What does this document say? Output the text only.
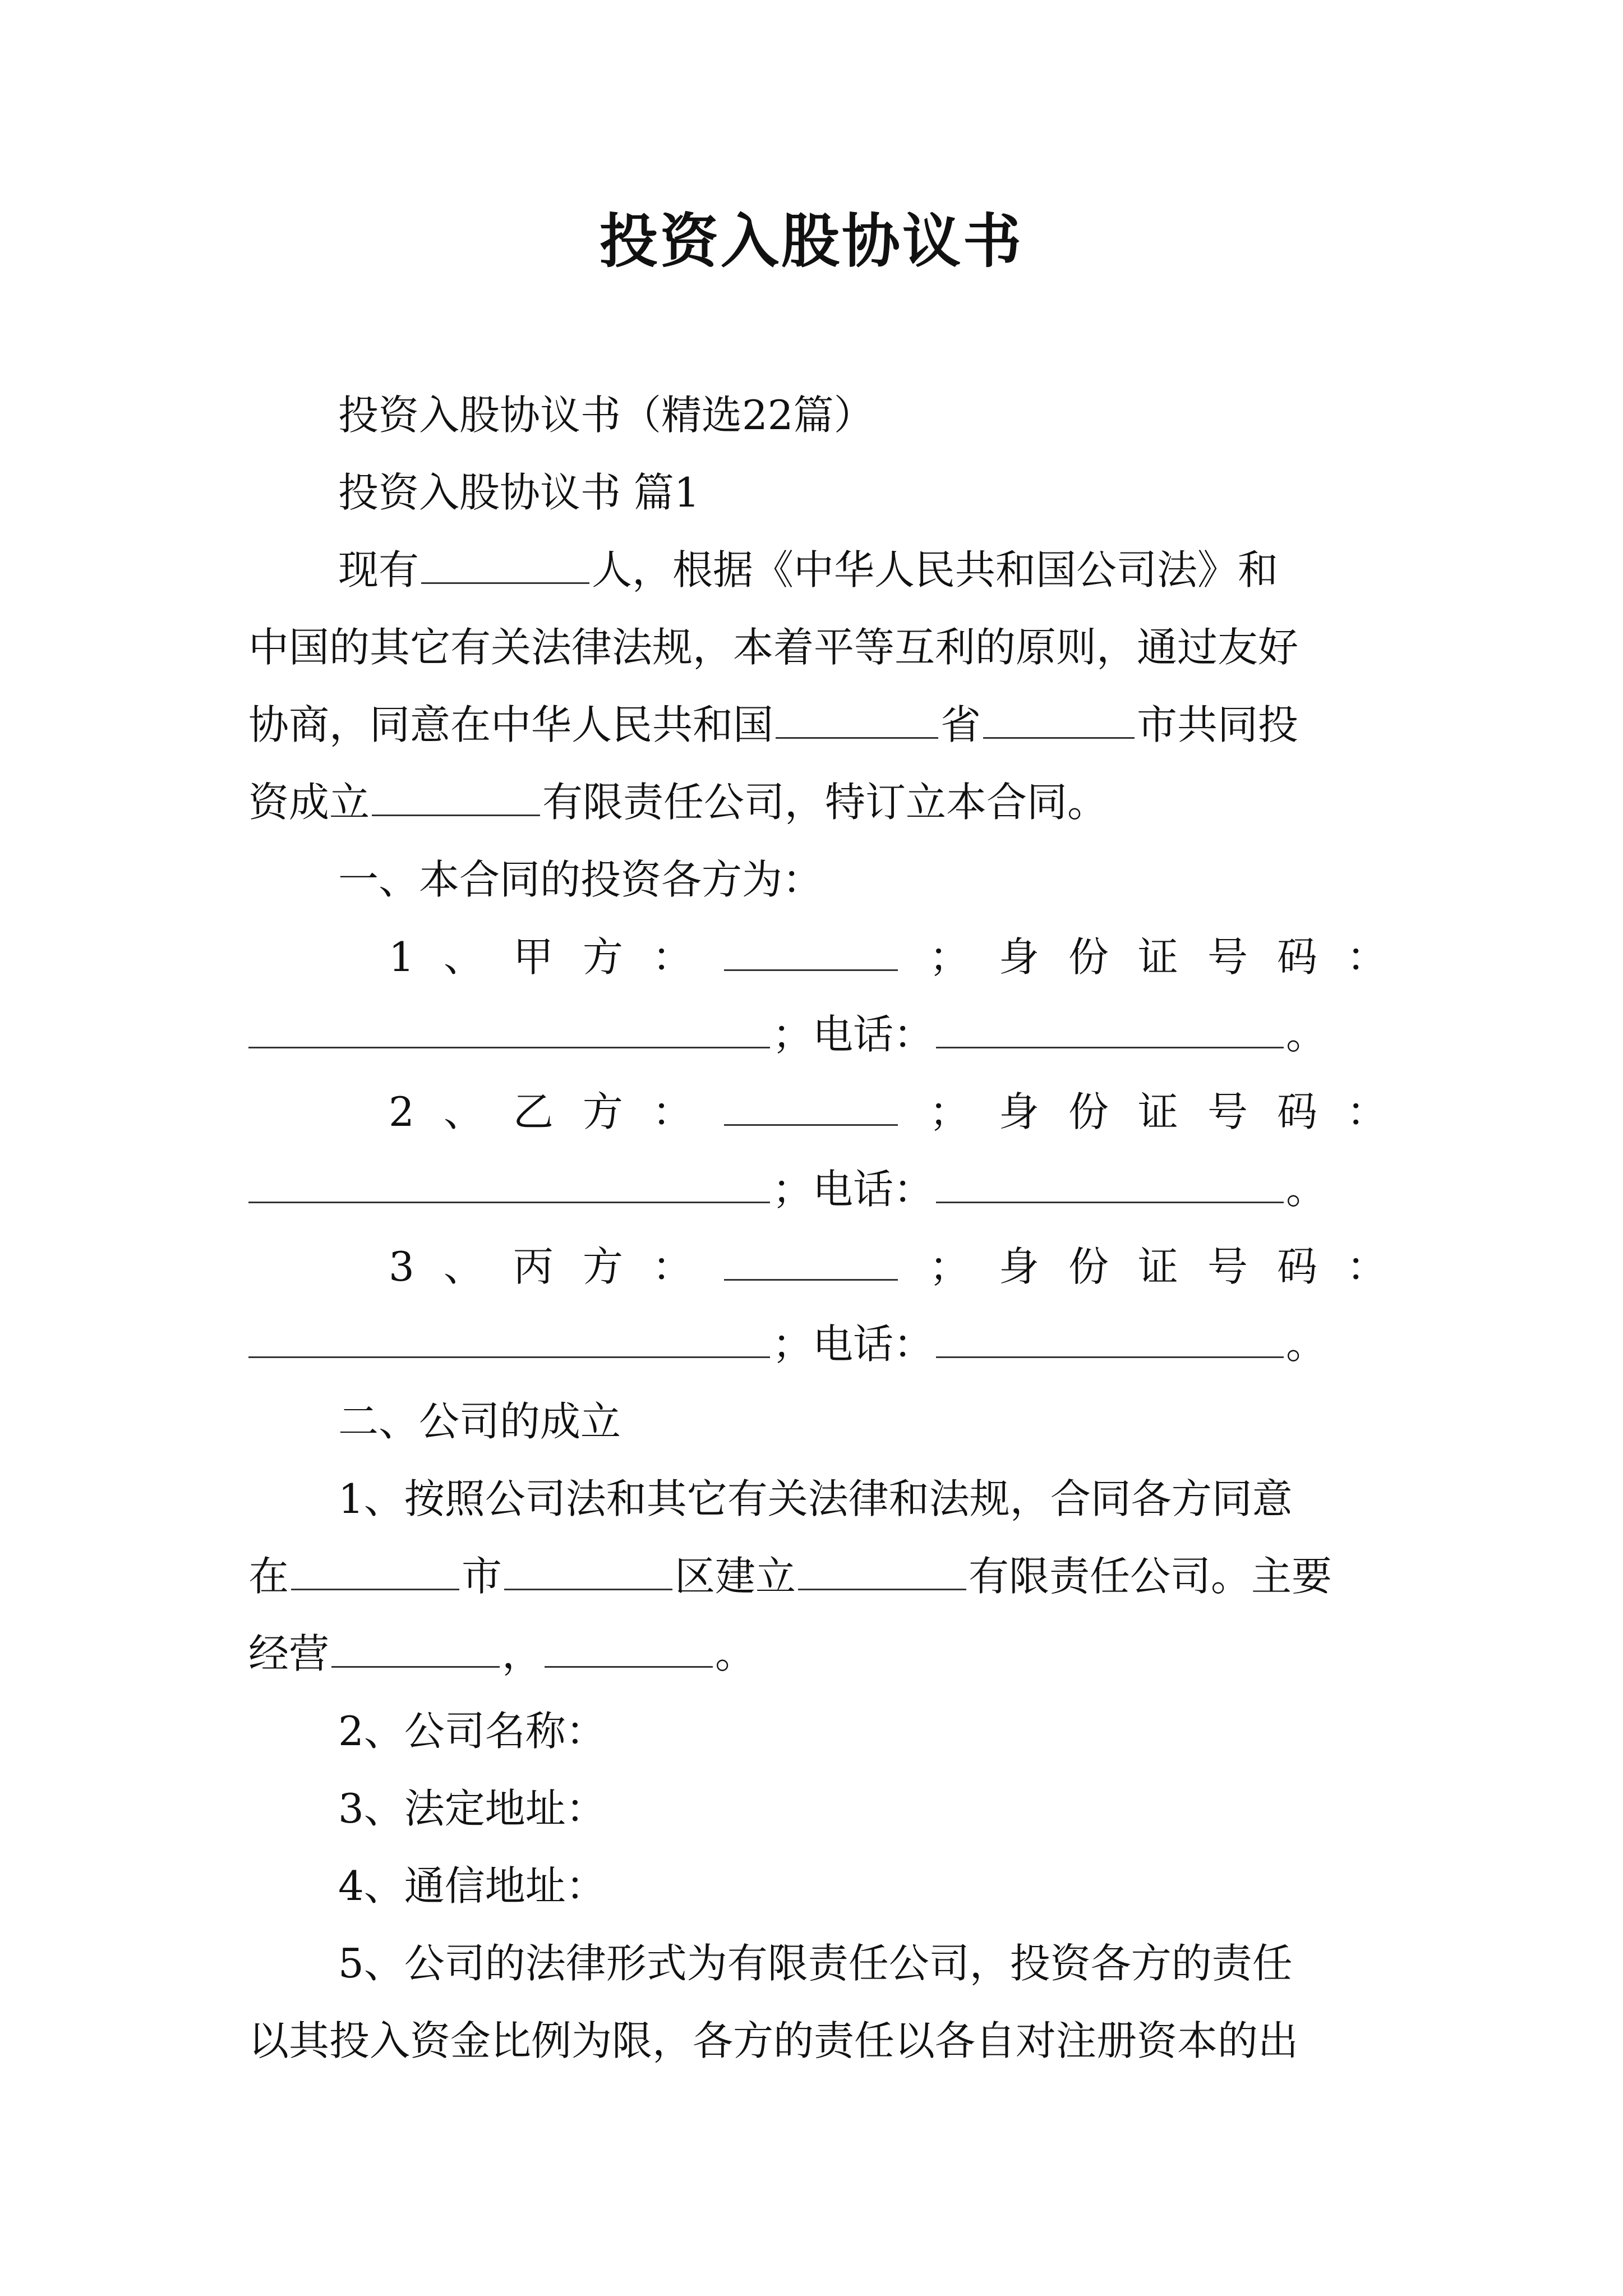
投资入股协议书
投资入股协议书（精选22篇）
投资入股协议书 篇1
现有	人，根据《中华人民共和国公司法》和
中国的其它有关法律法规，本着平等互利的原则，通过友好
协商，同意在中华人民共和国	省	市共同投
资成立	有限责任公司，特订立本合同。
一、本合同的投资各方为：
1 、 甲 方 ：	； 身 份 证 号 码 ：
；电话：	。
2 、 乙 方 ：	； 身 份 证 号 码 ：
；电话：	。
3 、 丙 方 ：	； 身 份 证 号 码 ：
；电话：	。
二、公司的成立
1、按照公司法和其它有关法律和法规，合同各方同意
在	市	区建立	有限责任公司。主要
经营	，	。
2、公司名称：
3、法定地址：
4、通信地址：
5、公司的法律形式为有限责任公司，投资各方的责任
以其投入资金比例为限，各方的责任以各自对注册资本的出
